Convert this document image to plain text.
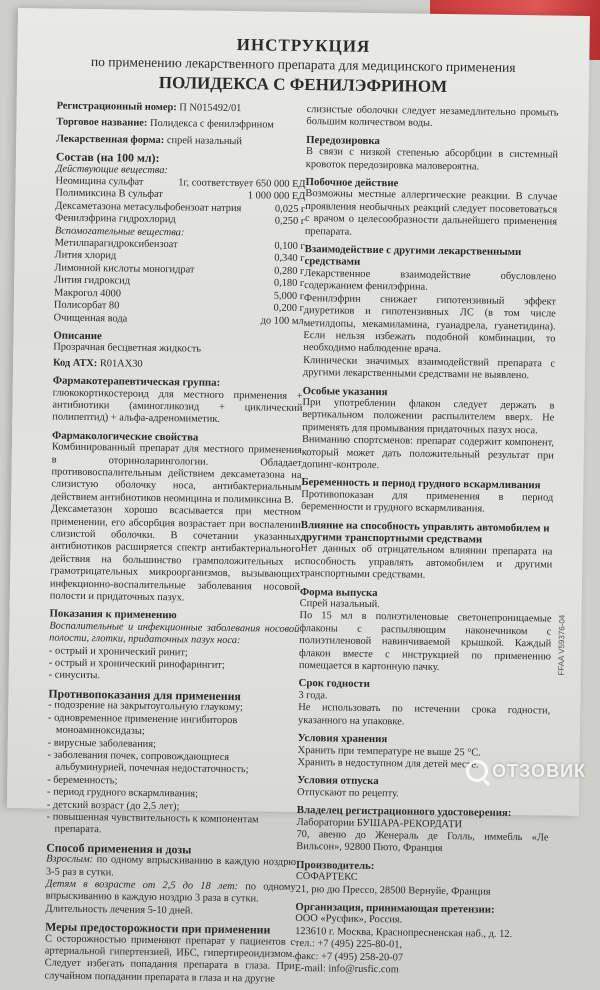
ИНСТРУКЦИЯ
по применению лекарственного препарата для медицинского применения
ПОЛИДЕКСА С ФЕНИЛЭФРИНОМ
Регистрационный номер: П N015492/01
Торговое название: Полидекса с фенилэфрином
Лекарственная форма: спрей назальный
Состав (на 100 мл):
Действующие вещества:
Неомицина сульфат	1г, соответствует 650 000 ЕД
Полимиксина В сульфат	1 000 000 ЕД
Дексаметазона метасульфобензоат натрия	0,025 г
Фенилэфрина гидрохлорид	0,250 г
Вспомогательные вещества:
Метилпарагидроксибензоат	0,100 г
Лития хлорид	0,340 г
Лимонной кислоты моногидрат	0,280 г
Лития гидроксид	0,180 г
Макрогол 4000	5,000 г
Полисорбат 80	0,200 г
Очищенная вода	до 100 мл
Описание

Прозрачная бесцветная жидкость

Код АТХ: R01AX30
Фармакотерапевтическая группа:

глюкокортикостероид для местного применения + антибиотики (аминогликозид + циклический полипептид) + альфа-адреномиметик.

Фармакологические свойства

Комбинированный препарат для местного применения в оториноларингологии. Обладает противовоспалительным действием дексаметазона на слизистую оболочку носа, антибактериальным действием антибиотиков неомицина и полимиксина В.

Дексаметазон хорошо всасывается при местном применении, его абсорбция возрастает при воспалении слизистой оболочки. В сочетании указанных антибиотиков расширяется спектр антибактериального действия на большинство грамположительных и грамотрицательных микроорганизмов, вызывающих инфекционно-воспалительные заболевания носовой полости и придаточных пазух.

Показания к применению

Воспалительные и инфекционные заболевания носовой полости, глотки, придаточных пазух носа:

- острый и хронический ринит;
- острый и хронический ринофарингит;
- синуситы.
Противопоказания для применения
- подозрение на закрытоугольную глаукому;
- одновременное применение ингибиторов моноаминоксидазы;
- вирусные заболевания;
- заболевания почек, сопровождающиеся альбуминурией, почечная недостаточность;
- беременность;
- период грудного вскармливания;
- детский возраст (до 2,5 лет);
- повышенная чувствительность к компонентам препарата.
Способ применения и дозы

Взрослым: по одному впрыскиванию в каждую ноздрю 3-5 раз в сутки.

Детям в возрасте от 2,5 до 18 лет: по одному впрыскиванию в каждую ноздрю 3 раза в сутки.

Длительность лечения 5-10 дней.

Меры предосторожности при применении

С осторожностью применяют препарат у пациентов с артериальной гипертензией, ИБС, гипертиреоидизмом. Следует избегать попадания препарата в глаза. При случайном попадании препарата в глаза и на другие

слизистые оболочки следует незамедлительно промыть большим количеством воды.

Передозировка

В связи с низкой степенью абсорбции в системный кровоток передозировка маловероятна.

Побочное действие

Возможны местные аллергические реакции. В случае проявления необычных реакций следует посоветоваться с врачом о целесообразности дальнейшего применения препарата.

Взаимодействие с другими лекарственными средствами

Лекарственное взаимодействие обусловлено содержанием фенилэфрина.

Фенилэфрин снижает гипотензивный эффект диуретиков и гипотензивных ЛС (в том числе метилдопы, мекамиламина, гуанадрела, гуанетидина). Если нельзя избежать подобной комбинации, то необходимо наблюдение врача.

Клинически значимых взаимодействий препарата с другими лекарственными средствами не выявлено.

Особые указания

При употреблении флакон следует держать в вертикальном положении распылителем вверх. Не применять для промывания придаточных пазух носа.

Вниманию спортсменов: препарат содержит компонент, который может дать положительный результат при допинг-контроле.

Беременность и период грудного вскармливания

Противопоказан для применения в период беременности и грудного вскармливания.

Влияние на способность управлять автомобилем и другими транспортными средствами

Нет данных об отрицательном влиянии препарата на способность управлять автомобилем и другими транспортными средствами.

Форма выпуска

Спрей назальный.

По 15 мл в полиэтиленовые светонепроницаемые флаконы с распыляющим наконечником с полиэтиленовой навинчиваемой крышкой. Каждый флакон вместе с инструкцией по применению помещается в картонную пачку.

Срок годности

3 года.

Не использовать по истечении срока годности, указанного на упаковке.

Условия хранения

Хранить при температуре не выше 25 °С.

Хранить в недоступном для детей месте.

Условия отпуска

Отпускают по рецепту.

Владелец регистрационного удостоверения:

Лаборатории БУШАРА-РЕКОРДАТИ

70, авеню до Женераль де Голль, иммебль «Ле Вильсон», 92800 Пюто, Франция

Производитель:

СОФАРТЕКС

21, рю дю Прессо, 28500 Вернуйе, Франция

Организация, принимающая претензии:

ООО «Русфик», Россия.

123610 г. Москва, Краснопресненская наб., д. 12.

тел.: +7 (495) 225-80-01,

факс: +7 (495) 258-20-07

E-mail: info@rusfic.com

FFAA V59376-04
ОТЗОВИК
